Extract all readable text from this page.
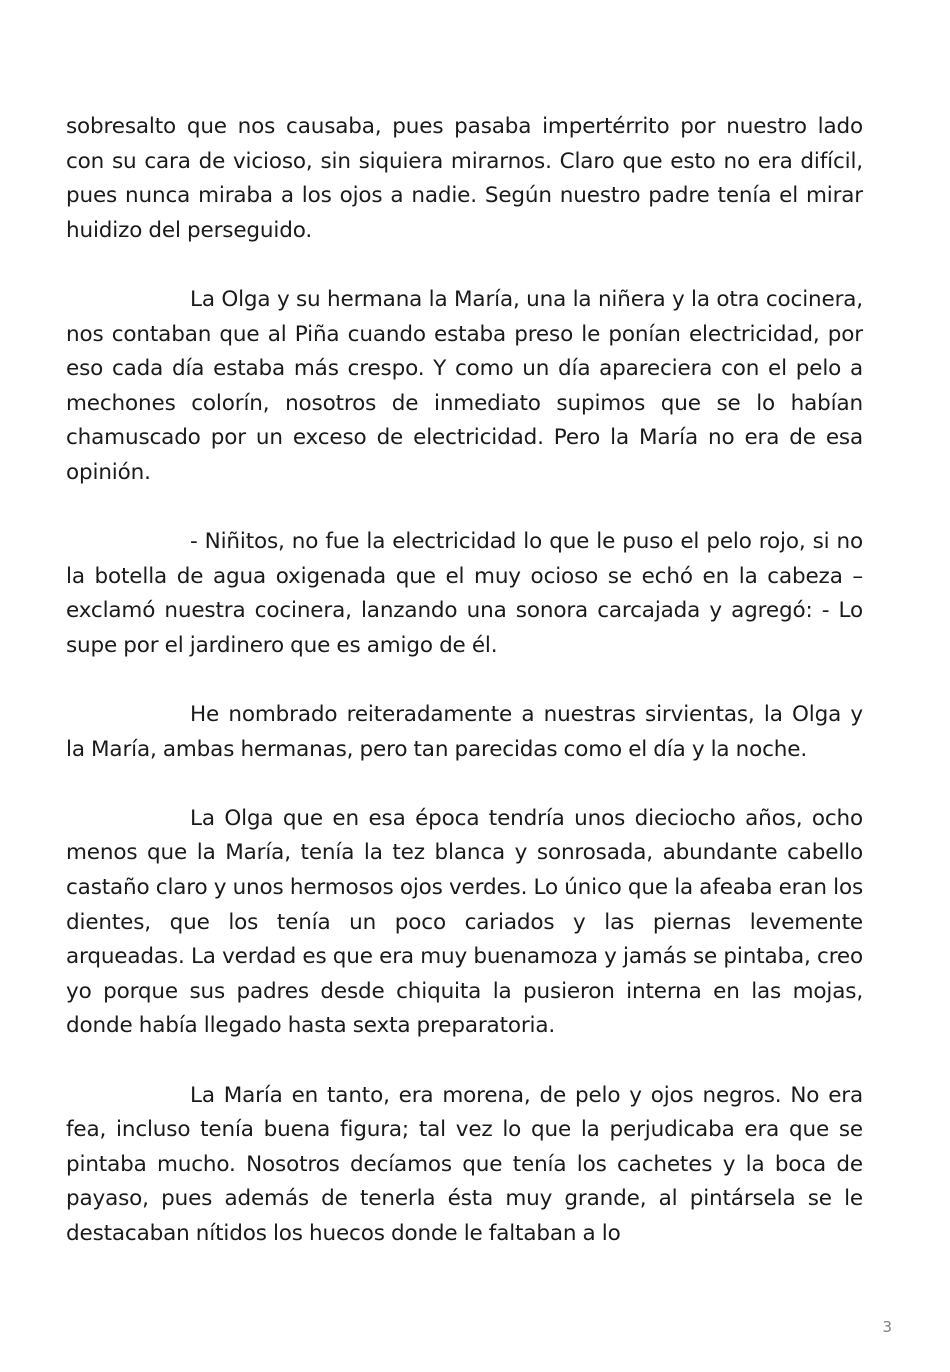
sobresalto que nos causaba, pues pasaba impertérrito por nuestro lado con su cara de vicioso, sin siquiera mirarnos. Claro que esto no era difícil, pues nunca miraba a los ojos a nadie. Según nuestro padre tenía el mirar huidizo del perseguido.

La Olga y su hermana la María, una la niñera y la otra cocinera, nos contaban que al Piña cuando estaba preso le ponían electricidad, por eso cada día estaba más crespo. Y como un día apareciera con el pelo a mechones colorín, nosotros de inmediato supimos que se lo habían chamuscado por un exceso de electricidad. Pero la María no era de esa opinión.

- Niñitos, no fue la electricidad lo que le puso el pelo rojo, si no la botella de agua oxigenada que el muy ocioso se echó en la cabeza – exclamó nuestra cocinera, lanzando una sonora carcajada y agregó: - Lo supe por el jardinero que es amigo de él.

He nombrado reiteradamente a nuestras sirvientas, la Olga y la María, ambas hermanas, pero tan parecidas como el día y la noche.

La Olga que en esa época tendría unos dieciocho años, ocho menos que la María, tenía la tez blanca y sonrosada, abundante cabello castaño claro y unos hermosos ojos verdes. Lo único que la afeaba eran los dientes, que los tenía un poco cariados y las piernas levemente arqueadas. La verdad es que era muy buenamoza y jamás se pintaba, creo yo porque sus padres desde chiquita la pusieron interna en las mojas, donde había llegado hasta sexta preparatoria.

La María en tanto, era morena, de pelo y ojos negros. No era fea, incluso tenía buena figura; tal vez lo que la perjudicaba era que se pintaba mucho. Nosotros decíamos que tenía los cachetes y la boca de payaso, pues además de tenerla ésta muy grande, al pintársela se le destacaban nítidos los huecos donde le faltaban a lo

3
